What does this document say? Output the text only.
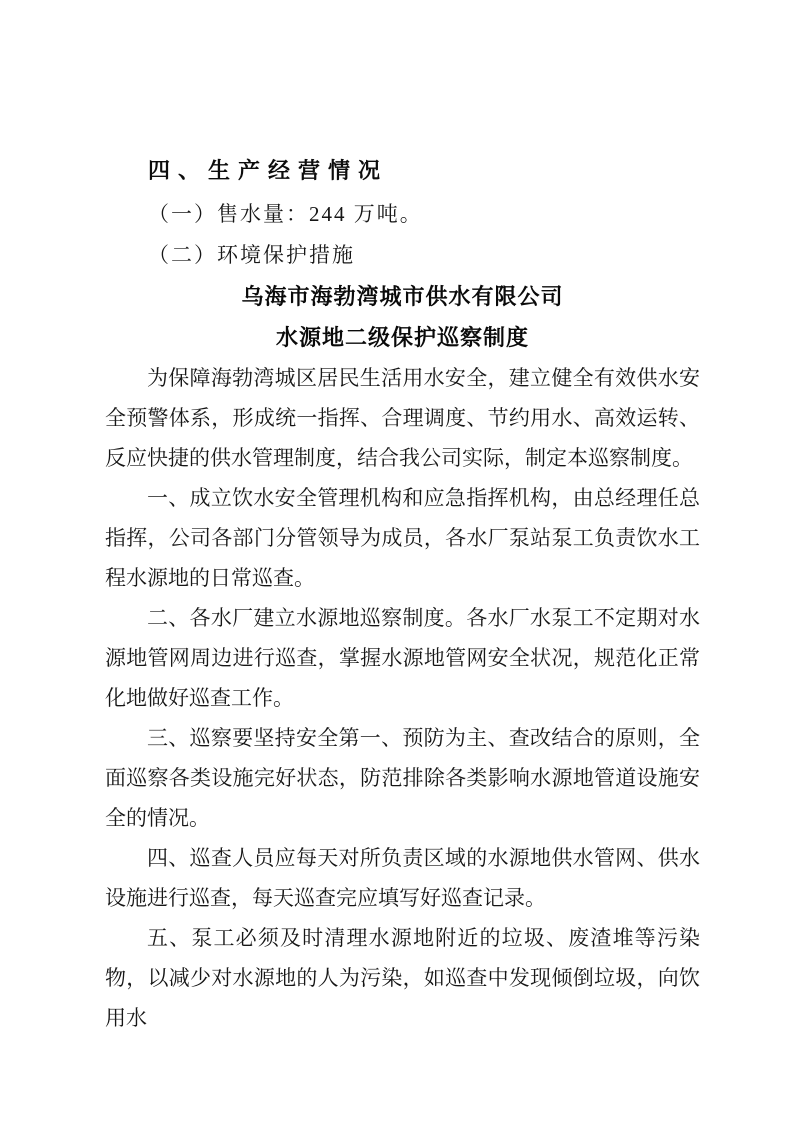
四、生产经营情况
（一）售水量：244 万吨。
（二）环境保护措施
乌海市海勃湾城市供水有限公司
水源地二级保护巡察制度

为保障海勃湾城区居民生活用水安全，建立健全有效供水安全预警体系，形成统一指挥、合理调度、节约用水、高效运转、反应快捷的供水管理制度，结合我公司实际，制定本巡察制度。

一、成立饮水安全管理机构和应急指挥机构，由总经理任总指挥，公司各部门分管领导为成员，各水厂泵站泵工负责饮水工程水源地的日常巡查。

二、各水厂建立水源地巡察制度。各水厂水泵工不定期对水源地管网周边进行巡查，掌握水源地管网安全状况，规范化正常化地做好巡查工作。

三、巡察要坚持安全第一、预防为主、查改结合的原则，全面巡察各类设施完好状态，防范排除各类影响水源地管道设施安全的情况。

四、巡查人员应每天对所负责区域的水源地供水管网、供水设施进行巡查，每天巡查完应填写好巡查记录。

五、泵工必须及时清理水源地附近的垃圾、废渣堆等污染物，以减少对水源地的人为污染，如巡查中发现倾倒垃圾，向饮用水
